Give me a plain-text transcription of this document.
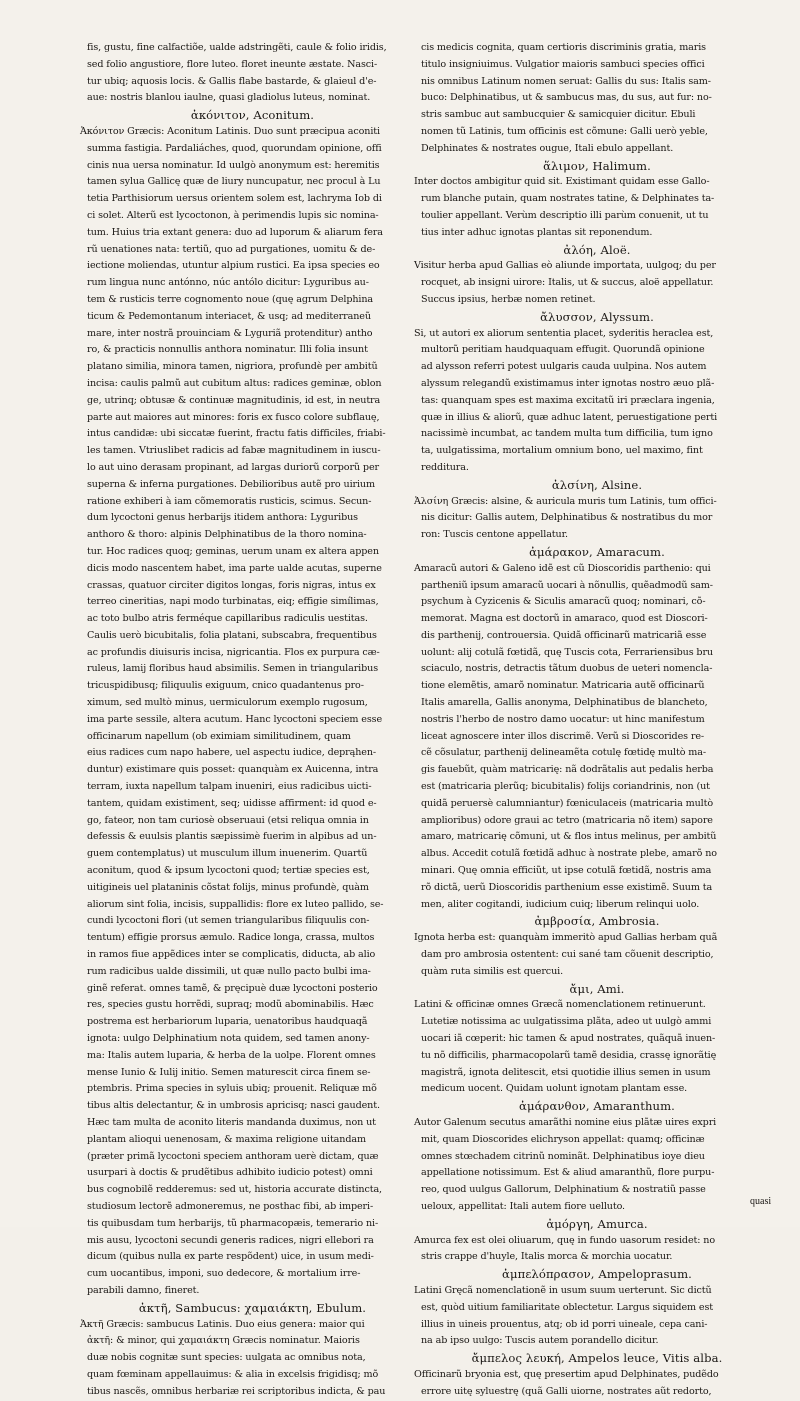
fis, gustu, fine calfactiõe, ualde adstringẽti, caule & folio iridis,
sed folio angustiore, flore luteo. floret ineunte æstate. Nasci-
tur ubiq; aquosis locis. & Gallis flabe bastarde, & glaieul d'e-
aue: nostris blanlou iaulne, quasi gladiolus luteus, nominat.
ἀκόνιτον, Aconitum.
Ἀκόνιτον Græcis: Aconitum Latinis. Duo sunt præcipua aconiti
summa fastigia. Pardaliáches, quod, quorundam opinione, offi
cinis nua uersa nominatur. Id uulgò anonymum est: heremitis
tamen sylua Gallicę quæ de liury nuncupatur, nec procul à Lu
tetia Parthisiorum uersus orientem solem est, lachryma Iob di
ci solet. Alterũ est lycoctonon, à perimendis lupis sic nomina-
tum. Huius tria extant genera: duo ad luporum & aliarum fera
rũ uenationes nata: tertiũ, quo ad purgationes, uomitu & de-
iectione moliendas, utuntur alpium rustici. Ea ipsa species eo
rum lingua nunc antónno, núc antólo dicitur: Lyguribus au-
tem & rusticis terre cognomento noue (quę agrum Delphina
ticum & Pedemontanum interiacet, & usq; ad mediterraneũ
mare, inter nostrã prouinciam & Lyguriã protenditur) antho
ro, & practicis nonnullis anthora nominatur. Illi folia insunt
platano similia, minora tamen, nigriora, profundè per ambitũ
incisa: caulis palmũ aut cubitum altus: radices geminæ, oblon
ge, utrinq; obtusæ & continuæ magnitudinis, id est, in neutra
parte aut maiores aut minores: foris ex fusco colore subflauę,
intus candidæ: ubi siccatæ fuerint, fractu fatis difficiles, friabi-
les tamen. Vtriuslibet radicis ad fabæ magnitudinem in iuscu-
lo aut uino derasam propinant, ad largas duriorũ corporũ per
superna & inferna purgationes. Debilioribus autẽ pro uirium
ratione exhiberi à iam cõmemoratis rusticis, scimus. Secun-
dum lycoctoni genus herbarijs itidem anthora: Lyguribus
anthoro & thoro: alpinis Delphinatibus de la thoro nomina-
tur. Hoc radices quoq; geminas, uerum unam ex altera appen
dicis modo nascentem habet, ima parte ualde acutas, superne
crassas, quatuor circiter digitos longas, foris nigras, intus ex
terreo cineritias, napi modo turbinatas, eiq; effigie simílimas,
ac toto bulbo atris ferméque capillaribus radiculis uestitas.
Caulis uerò bicubitalis, folia platani, subscabra, frequentibus
ac profundis diuisuris incisa, nigricantia. Flos ex purpura cæ-
ruleus, lamij floribus haud absimilis. Semen in triangularibus
tricuspidibusq; filiquulis exiguum, cnico quadantenus pro-
ximum, sed multò minus, uermiculorum exemplo rugosum,
ima parte sessile, altera acutum. Hanc lycoctoni speciem esse
officinarum napellum (ob eximiam similitudinem, quam
eius radices cum napo habere, uel aspectu iudice, deprąhen-
duntur) existimare quis posset: quanquàm ex Auicenna, intra
terram, iuxta napellum talpam inueniri, eius radicibus uicti-
tantem, quidam existiment, seq; uidisse affirment: id quod e-
go, fateor, non tam curiosè obseruaui (etsi reliqua omnia in
defessis & euulsis plantis sæpissimè fuerim in alpibus ad un-
guem contemplatus) ut musculum illum inuenerim. Quartũ
aconitum, quod & ipsum lycoctoni quod; tertiæ species est,
uitigineis uel plataninis cõstat folijs, minus profundè, quàm
aliorum sint folia, incisis, suppallidis: flore ex luteo pallido, se-
cundi lycoctoni flori (ut semen triangularibus filiquulis con-
tentum) effigie prorsus æmulo. Radice longa, crassa, multos
in ramos fiue appẽdices inter se complicatis, diducta, ab alio
rum radicibus ualde dissimili, ut quæ nullo pacto bulbi ima-
ginẽ referat. omnes tamẽ, & pręcipuè duæ lycoctoni posterio
res, species gustu horrẽdi, supraq; modũ abominabilis. Hæc
postrema est herbariorum luparia, uenatoribus haudquaqã
ignota: uulgo Delphinatium nota quidem, sed tamen anony-
ma: Italis autem luparia, & herba de la uolpe. Florent omnes
mense Iunio & Iulij initio. Semen maturescit circa finem se-
ptembris. Prima species in syluis ubiq; prouenit. Reliquæ mõ
tibus altis delectantur, & in umbrosis apricisq; nasci gaudent.
Hæc tam multa de aconito literis mandanda duximus, non ut
plantam alioqui uenenosam, & maxima religione uitandam
(præter primã lycoctoni speciem anthoram uerè dictam, quæ
usurpari à doctis & prudẽtibus adhibito iudicio potest) omni
bus cognobilẽ redderemus: sed ut, historia accurate distincta,
studiosum lectorẽ admoneremus, ne posthac fibi, ab imperi-
tis quibusdam tum herbarijs, tũ pharmacopæis, temerario ni-
mis ausu, lycoctoni secundi generis radices, nigri ellebori ra
dicum (quibus nulla ex parte respõdent) uice, in usum medi-
cum uocantibus, imponi, suo dedecore, & mortalium irre-
parabili damno, fineret.
ἀκτῆ, Sambucus: χαμαιάκτη, Ebulum.
Ἀκτῆ Græcis: sambucus Latinis. Duo eius genera: maior qui
ἀκτῆ: & minor, qui χαμαιάκτη Græcis nominatur. Maioris
duæ nobis cognitæ sunt species: uulgata ac omnibus nota,
quam fœminam appellauimus: & alia in excelsis frigidisq; mõ
tibus nascẽs, omnibus herbariæ rei scriptoribus indicta, & pau
cis medicis cognita, quam certioris discriminis gratia, maris
titulo insigniuimus. Vulgatior maioris sambuci species offici
nis omnibus Latinum nomen seruat: Gallis du sus: Italis sam-
buco: Delphinatibus, ut & sambucus mas, du sus, aut fur: no-
stris sambuc aut sambucquier & samicquier dicitur. Ebuli
nomen tũ Latinis, tum officinis est cõmune: Galli uerò yeble,
Delphinates & nostrates ougue, Itali ebulo appellant.
ἅλιμον, Halimum.
Inter doctos ambigitur quid sit. Existimant quidam esse Gallo-
rum blanche putain, quam nostrates tatine, & Delphinates ta-
toulier appellant. Verùm descriptio illi parùm conuenit, ut tu
tius inter adhuc ignotas plantas sit reponendum.
ἀλόη, Aloë.
Visitur herba apud Gallias eò aliunde importata, uulgoq; du per
rocquet, ab insigni uirore: Italis, ut & succus, aloë appellatur.
Succus ipsius, herbæ nomen retinet.
ἄλυσσον, Alyssum.
Si, ut autori ex aliorum sententia placet, syderitis heraclea est,
multorũ peritiam haudquaquam effugit. Quorundã opinione
ad alysson referri potest uulgaris cauda uulpina. Nos autem
alyssum relegandũ existimamus inter ignotas nostro æuo plã-
tas: quanquam spes est maxima excitatũ iri præclara ingenia,
quæ in illius & aliorũ, quæ adhuc latent, peruestigatione perti
nacissimè incumbat, ac tandem multa tum difficilia, tum igno
ta, uulgatissima, mortalium omnium bono, uel maximo, fint
redditura.
ἀλσίνη, Alsine.
Ἀλσίνη Græcis: alsine, & auricula muris tum Latinis, tum offici-
nis dicitur: Gallis autem, Delphinatibus & nostratibus du mor
ron: Tuscis centone appellatur.
ἀμάρακον, Amaracum.
Amaracũ autori & Galeno idẽ est cũ Dioscoridis parthenio: qui
partheniũ ipsum amaracũ uocari à nõnullis, quẽadmodũ sam-
psychum à Cyzicenis & Siculis amaracũ quoq; nominari, cõ-
memorat. Magna est doctorũ in amaraco, quod est Dioscori-
dis parthenij, controuersia. Quidã officinarũ matricariã esse
uolunt: alij cotulã fœtidã, quę Tuscis cota, Ferrariensibus bru
sciaculo, nostris, detractis tãtum duobus de ueteri nomencla-
tione elemẽtis, amarõ nominatur. Matricaria autẽ officinarũ
Italis amarella, Gallis anonyma, Delphinatibus de blancheto,
nostris l'herbo de nostro damo uocatur: ut hinc manifestum
liceat agnoscere inter illos discrimẽ. Verũ si Dioscorides re-
cẽ cõsulatur, parthenij delineamẽta cotulę fœtidę multò ma-
gis fauebũt, quàm matricarię: nã dodrãtalis aut pedalis herba
est (matricaria plerũq; bicubitalis) folijs coriandrinis, non (ut
quidã peruersè calumniantur) fœniculaceis (matricaria multò
amplioribus) odore graui ac tetro (matricaria nõ item) sapore
amaro, matricarię cõmuni, ut & flos intus melinus, per ambitũ
albus. Accedit cotulã fœtidã adhuc à nostrate plebe, amarõ no
minari. Quę omnia efficiũt, ut ipse cotulã fœtidã, nostris ama
rõ dictã, uerũ Dioscoridis parthenium esse existimẽ. Suum ta
men, aliter cogitandi, iudicium cuiq; liberum relinqui uolo.
ἀμβροσία, Ambrosia.
Ignota herba est: quanquàm immeritò apud Gallias herbam quã
dam pro ambrosia ostentent: cui sané tam cõuenit descriptio,
quàm ruta similis est quercui.
ἄμι, Ami.
Latini & officinæ omnes Græcã nomenclationem retinuerunt.
Lutetiæ notissima ac uulgatissima plãta, adeo ut uulgò ammi
uocari iã cœperit: hic tamen & apud nostrates, quãquã inuen-
tu nõ difficilis, pharmacopolarũ tamẽ desidia, crassę ignorãtię
magistrã, ignota delitescit, etsi quotidie illius semen in usum
medicum uocent. Quidam uolunt ignotam plantam esse.
ἀμάρανθον, Amaranthum.
Autor Galenum secutus amarãthi nomine eius plãtæ uires expri
mit, quam Dioscorides elichryson appellat: quamq; officinæ
omnes stœchadem citrinũ nominãt. Delphinatibus ioye dieu
appellatione notissimum. Est & aliud amaranthũ, flore purpu-
reo, quod uulgus Gallorum, Delphinatium & nostratiũ passe
ueloux, appellitat: Itali autem fiore uelluto.
ἀμόργη, Amurca.
Amurca fex est olei oliuarum, quę in fundo uasorum residet: no
stris crappe d'huyle, Italis morca & morchia uocatur.
ἀμπελόπρασον, Ampeloprasum.
Latini Gręcã nomenclationẽ in usum suum uerterunt. Sic dictũ
est, quòd uitium familiaritate oblectetur. Largus siquidem est
illius in uineis prouentus, atq; ob id porri uineale, cepa cani-
na ab ipso uulgo: Tuscis autem porandello dicitur.
ἄμπελος λευκή, Ampelos leuce, Vitis alba.
Officinarũ bryonia est, quę presertim apud Delphinates, pudẽdo
errore uitę syluestrę (quã Galli uiorne, nostrates aũt redorto,
quasi
